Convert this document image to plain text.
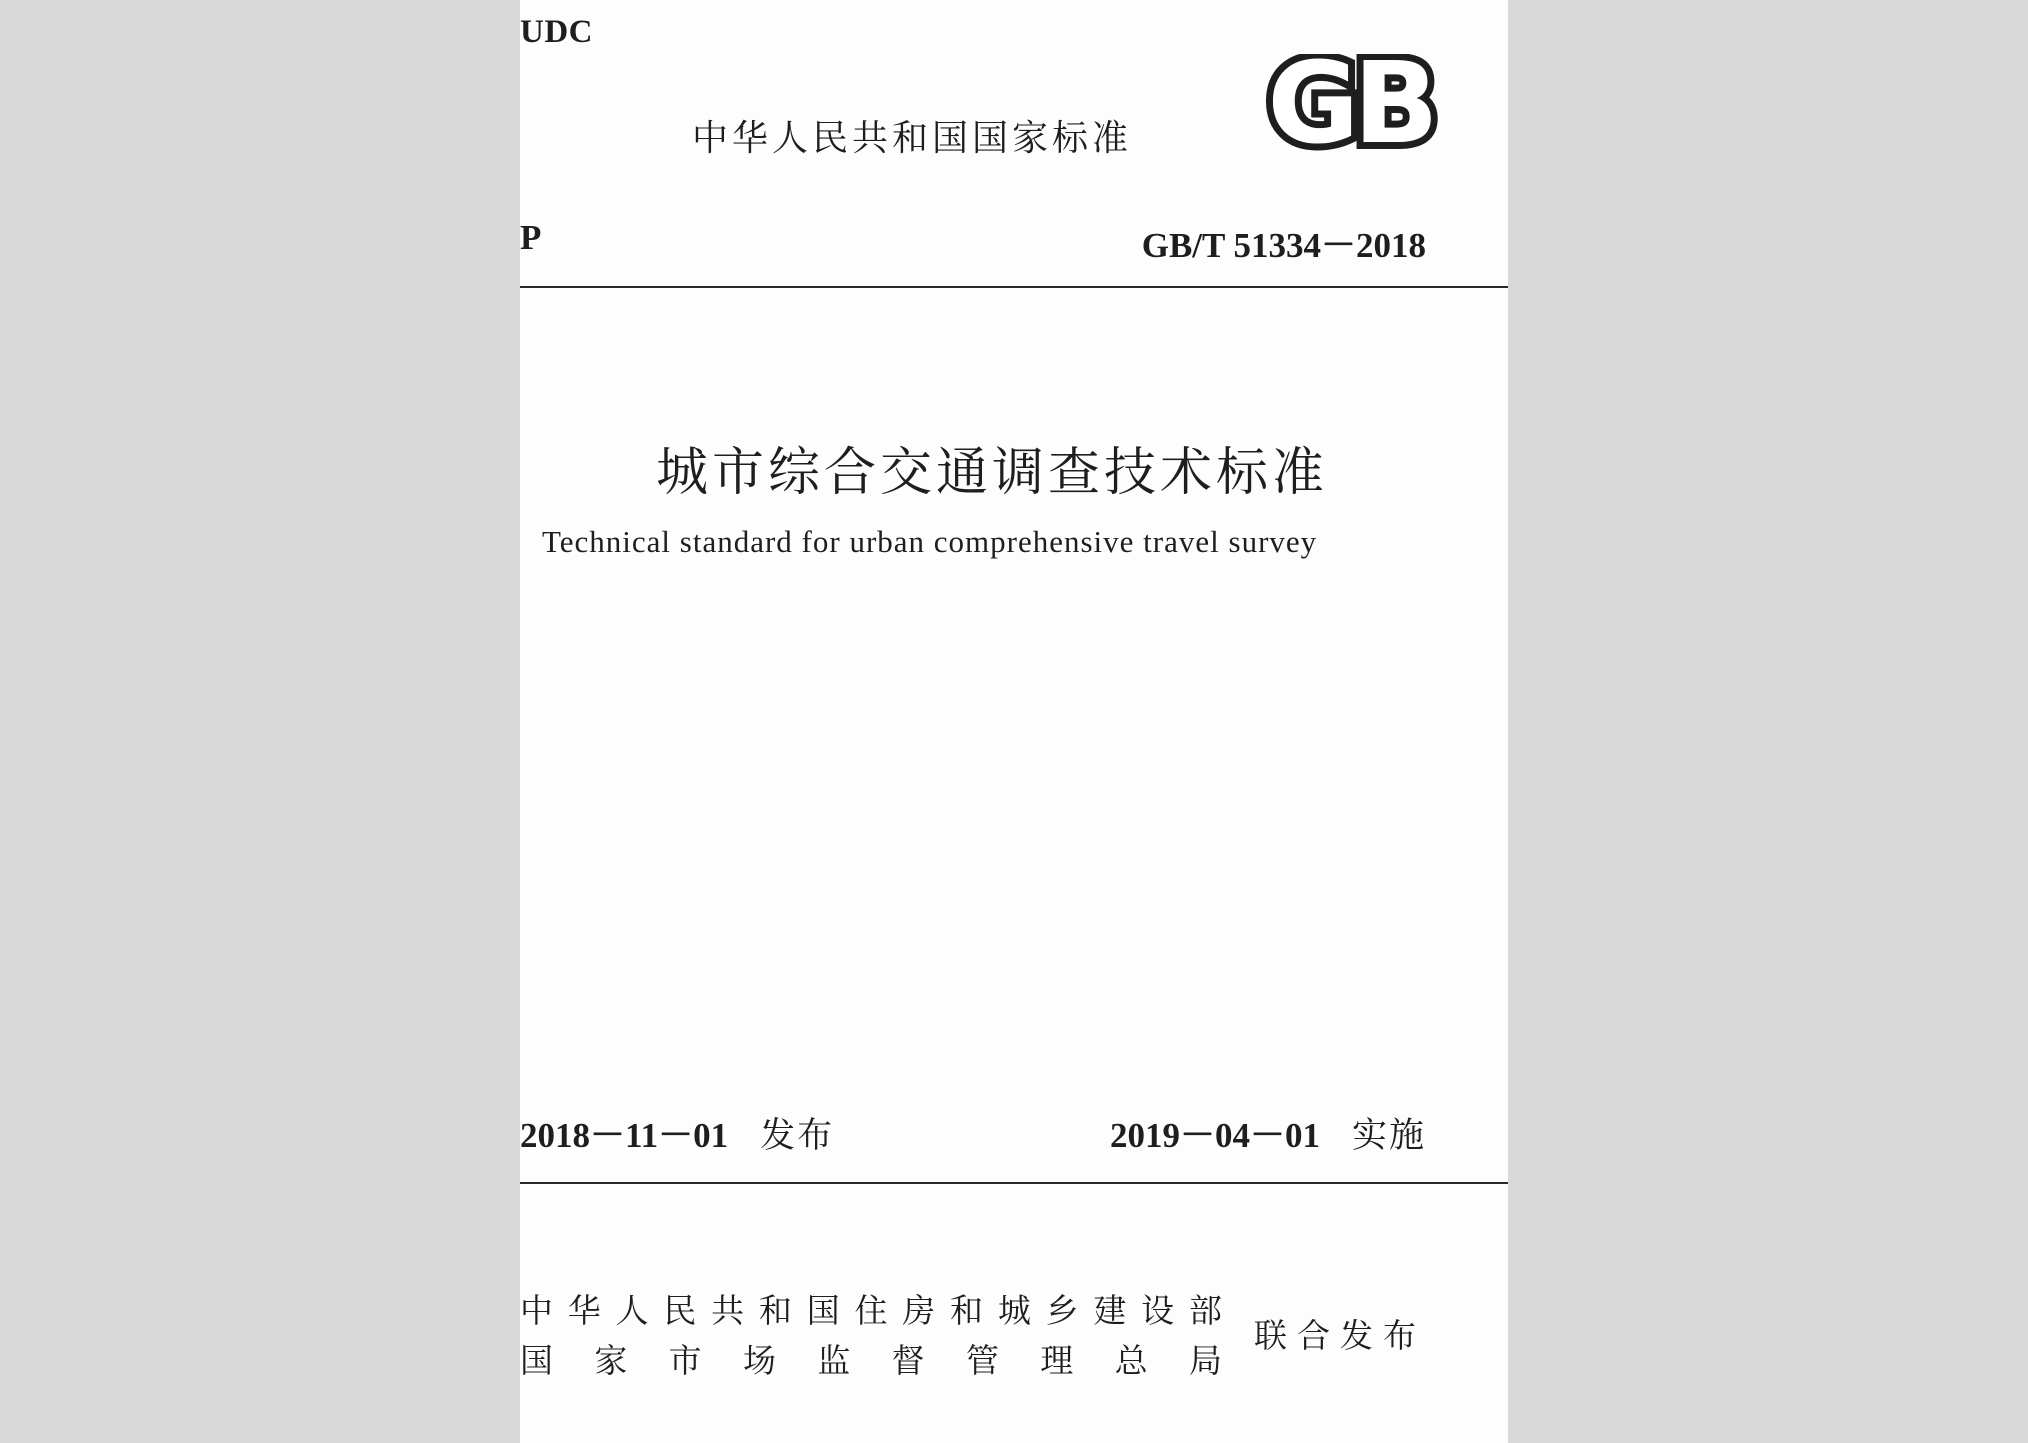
UDC
中华人民共和国国家标准 GB
P	GB/T 51334－2018
城市综合交通调查技术标准
Technical standard for urban comprehensive travel survey
2018－11－01 发布	2019－04－01 实施
中 华 人 民 共 和 国 住 房 和 城 乡 建 设 部
国 家 市 场 监 督 管 理 总 局
联合发布
